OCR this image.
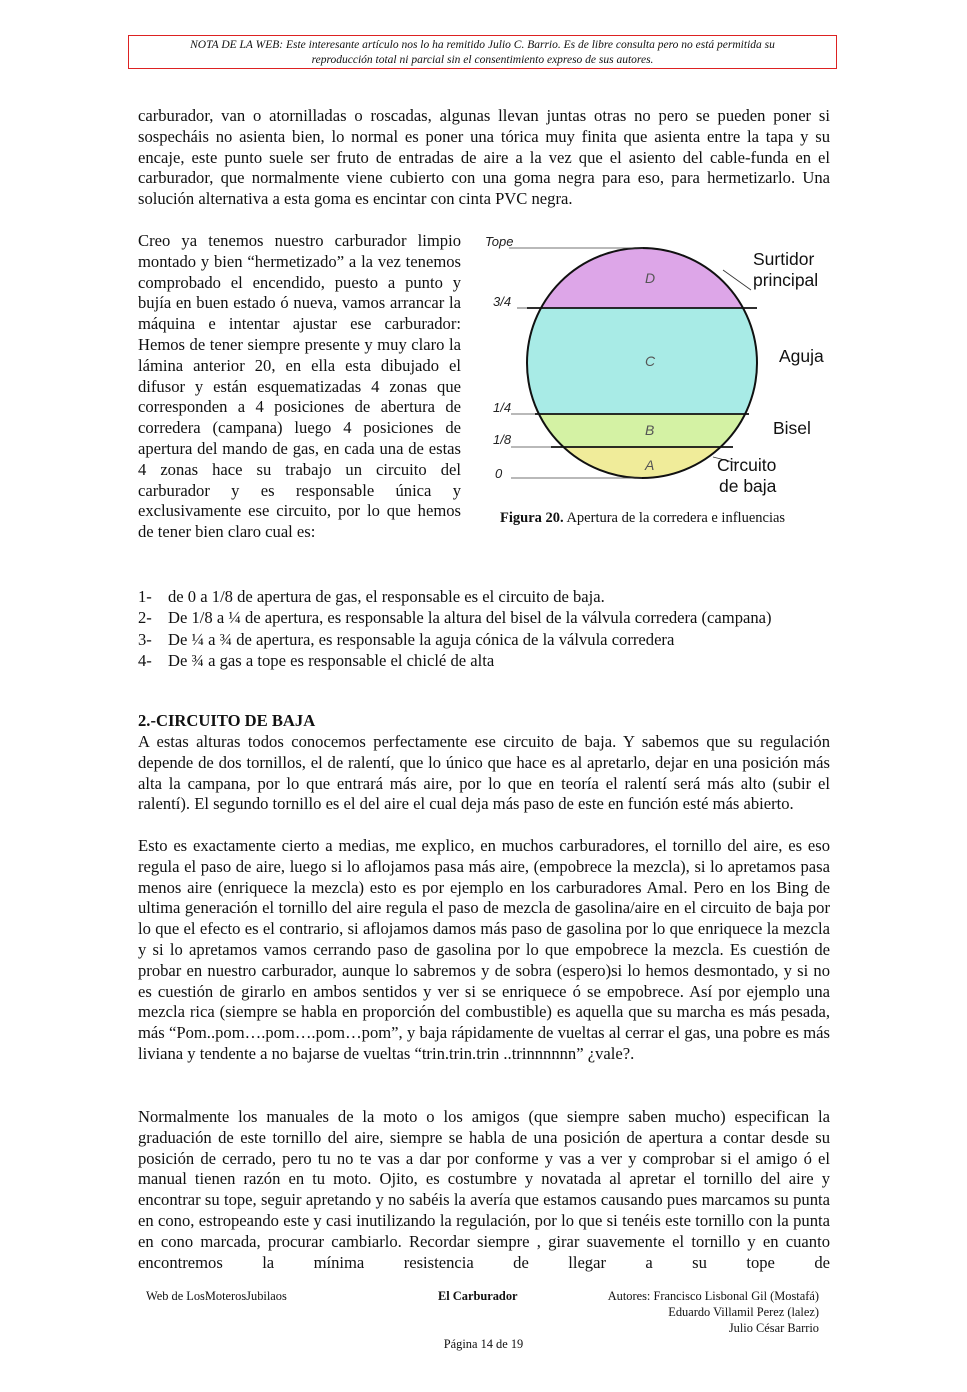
NOTA DE LA WEB: Este interesante artículo nos lo ha remitido Julio C. Barrio. Es de libre consulta pero no está permitida su
reproducción total ni parcial sin el consentimiento expreso de sus autores.

carburador, van o atornilladas o roscadas, algunas llevan juntas otras no pero se pueden poner si sospecháis no asienta bien, lo normal es poner una tórica muy finita que asienta entre la tapa y su encaje, este punto suele ser fruto de entradas de aire a la vez que el asiento del cable-funda en el carburador, que normalmente viene cubierto con una goma negra para eso, para hermetizarlo. Una solución alternativa a esta goma es encintar con cinta PVC negra.

Creo ya tenemos nuestro carburador limpio montado y bien “hermetizado” a la vez tenemos comprobado el encendido, puesto a punto y bujía en buen estado ó nueva, vamos arrancar la máquina e intentar ajustar ese carburador: Hemos de tener siempre presente y muy claro la lámina anterior 20, en ella esta dibujado el difusor y están esquematizadas 4 zonas que corresponden a 4 posiciones de abertura de corredera (campana) luego 4 posiciones de apertura del mando de gas, en cada una de estas 4 zonas hace su trabajo un circuito del carburador y es responsable única y exclusivamente ese circuito, por lo que hemos de tener bien claro cual es:

Tope
3/4
1/4
1/8
0
D
C
B
A
Surtidor
principal
Aguja
Bisel
Circuito
de baja
Figura 20. Apertura de la corredera e influencias
1- de 0 a 1/8 de apertura de gas, el responsable es el circuito de baja.
2- De 1/8 a ¼ de apertura, es responsable la altura del bisel de la válvula corredera (campana)
3- De ¼ a ¾ de apertura, es responsable la aguja cónica de la válvula corredera
4- De ¾ a gas a tope es responsable el chiclé de alta
2.-CIRCUITO DE BAJA

A estas alturas todos conocemos perfectamente ese circuito de baja. Y sabemos que su regulación depende de dos tornillos, el de ralentí, que lo único que hace es al apretarlo, dejar en una posición más alta la campana, por lo que entrará más aire, por lo que en teoría el ralentí será más alto (subir el ralentí). El segundo tornillo es el del aire el cual deja más paso de este en función esté más abierto.

Esto es exactamente cierto a medias, me explico, en muchos carburadores, el tornillo del aire, es eso regula el paso de aire, luego si lo aflojamos pasa más aire, (empobrece la mezcla), si lo apretamos pasa menos aire (enriquece la mezcla) esto es por ejemplo en los carburadores Amal. Pero en los Bing de ultima generación el tornillo del aire regula el paso de mezcla de gasolina/aire en el circuito de baja por lo que el efecto es el contrario, si aflojamos damos más paso de gasolina por lo que enriquece la mezcla y si lo apretamos vamos cerrando paso de gasolina por lo que empobrece la mezcla. Es cuestión de probar en nuestro carburador, aunque lo sabremos y de sobra (espero)si lo hemos desmontado, y si no es cuestión de girarlo en ambos sentidos y ver si se enriquece ó se empobrece. Así por ejemplo una mezcla rica (siempre se habla en proporción del combustible) es aquella que su marcha es más pesada, más “Pom..pom….pom….pom…pom”, y baja rápidamente de vueltas al cerrar el gas, una pobre es más liviana y tendente a no bajarse de vueltas “trin.trin.trin ..trinnnnnn” ¿vale?.

Normalmente los manuales de la moto o los amigos (que siempre saben mucho) especifican la graduación de este tornillo del aire, siempre se habla de una posición de apertura a contar desde su posición de cerrado, pero tu no te vas a dar por conforme y vas a ver y comprobar si el amigo ó el manual tienen razón en tu moto. Ojito, es costumbre y novatada al apretar el tornillo del aire y encontrar su tope, seguir apretando y no sabéis la avería que estamos causando pues marcamos su punta en cono, estropeando este y casi inutilizando la regulación, por lo que si tenéis este tornillo con la punta en cono marcada, procurar cambiarlo. Recordar siempre , girar suavemente el tornillo y en cuanto encontremos la mínima resistencia de llegar a su tope de

Web de LosMoterosJubilaos	El Carburador	Autores: Francisco Lisbonal Gil (Mostafá)
Eduardo Villamil Perez (lalez)
Julio César Barrio
Página 14 de 19
